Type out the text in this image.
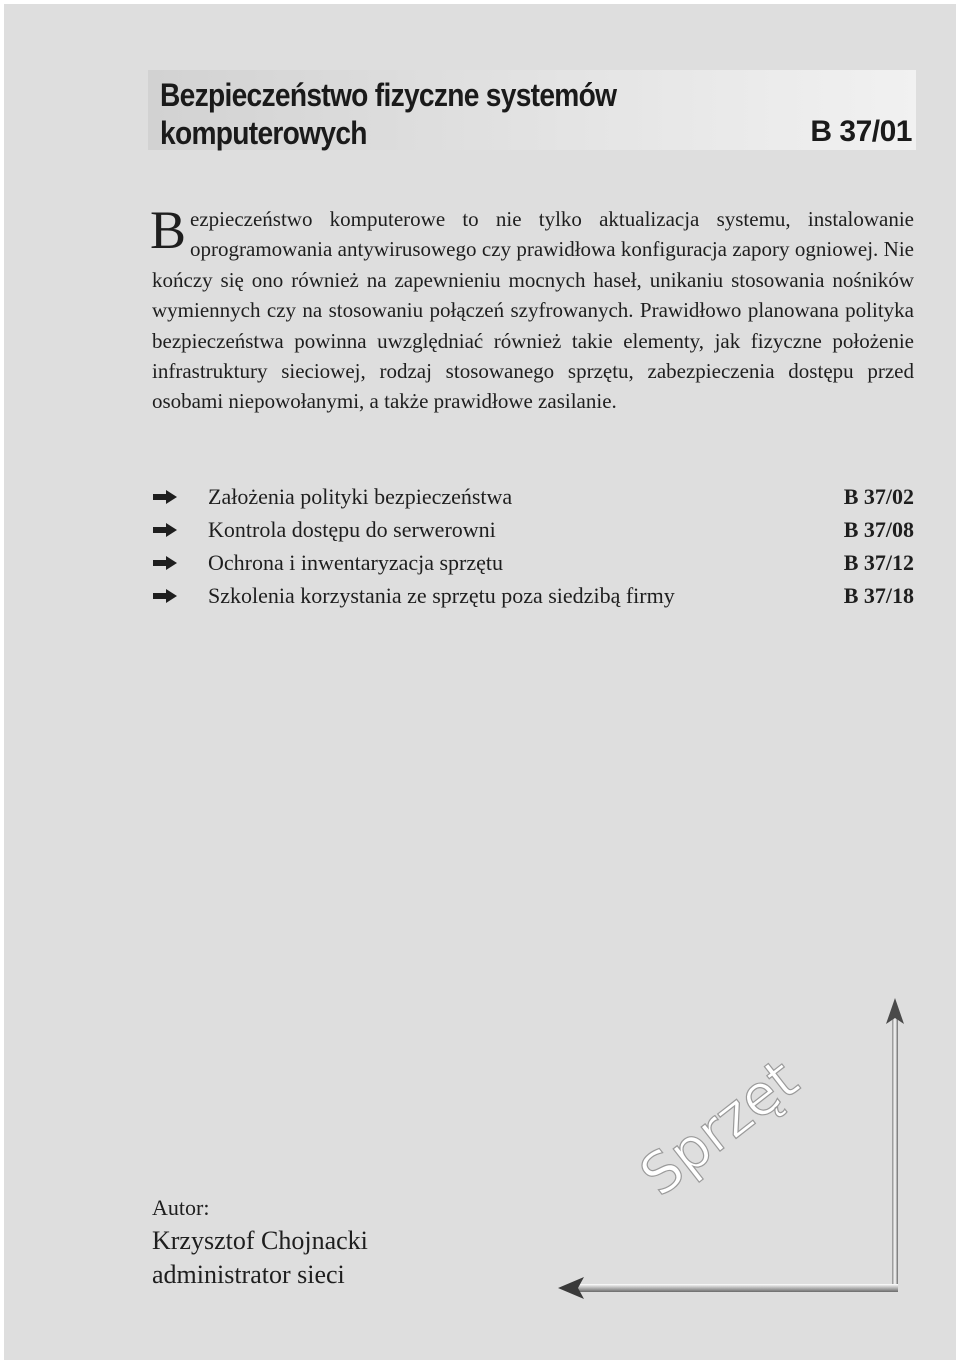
Bezpieczeństwo fizyczne systemów komputerowych	B 37/01
Bezpieczeństwo komputerowe to nie tylko aktualizacja systemu, instalowanie oprogramowania antywirusowego czy prawidłowa konfiguracja zapory ogniowej. Nie kończy się ono również na zapewnieniu mocnych haseł, unikaniu stosowania nośników wymiennych czy na stosowaniu połączeń szyfrowanych. Prawidłowo planowana polityka bezpieczeństwa powinna uwzględniać również takie elementy, jak fizyczne położenie infrastruktury sieciowej, rodzaj stosowanego sprzętu, zabezpieczenia dostępu przed osobami niepowołanymi, a także prawidłowe zasilanie.
Założenia polityki bezpieczeństwa	B 37/02
Kontrola dostępu do serwerowni	B 37/08
Ochrona i inwentaryzacja sprzętu	B 37/12
Szkolenia korzystania ze sprzętu poza siedzibą firmy	B 37/18
Sprzęt
Autor:
Krzysztof Chojnacki
administrator sieci
